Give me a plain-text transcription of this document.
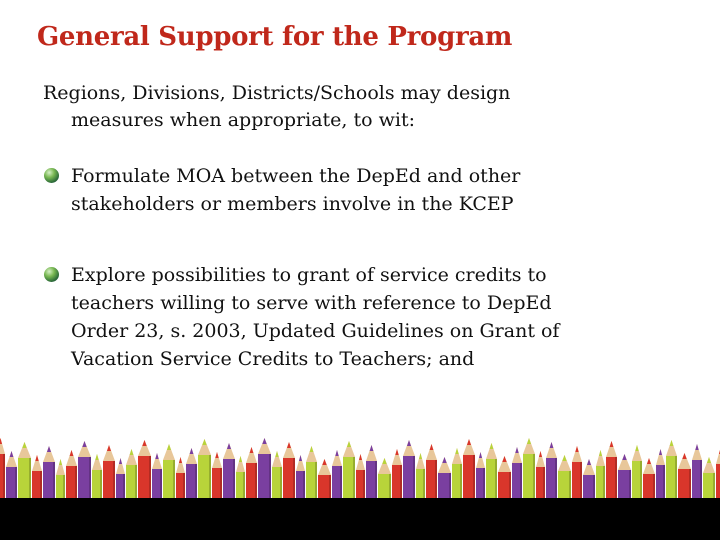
General Support for the Program
Regions, Divisions, Districts/Schools may design
measures when appropriate, to wit:
Formulate MOA between the DepEd and other stakeholders or members involve in the KCEP
Explore possibilities to grant of service credits to teachers willing to serve with reference to DepEd Order 23, s. 2003, Updated Guidelines on Grant of Vacation Service Credits to Teachers; and
